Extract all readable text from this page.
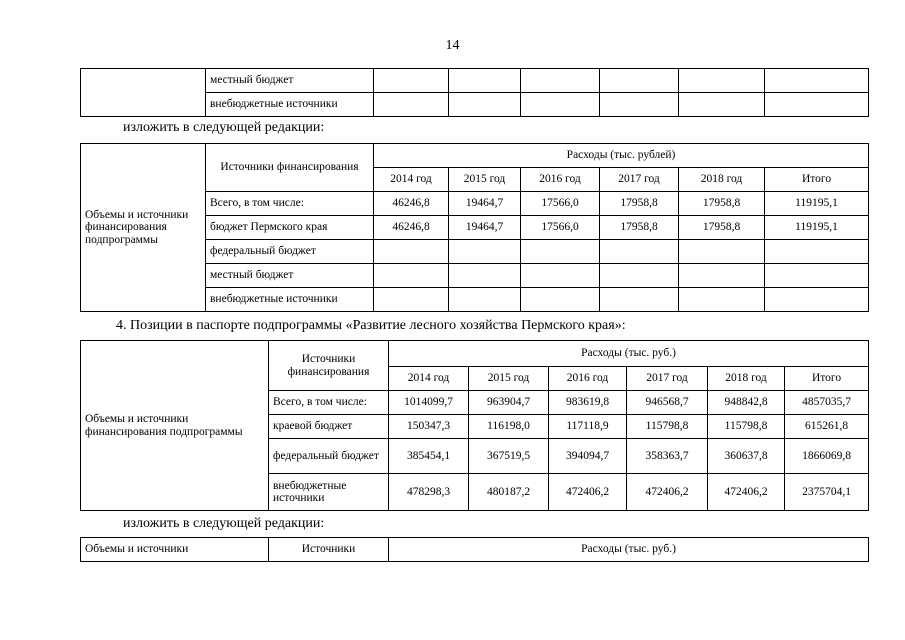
14
	местный бюджет						
	внебюджетные источники						
изложить в следующей редакции:
Объемы и источники финансирования подпрограммы	Источники финансирования	Расходы (тыс. рублей)					
		2014 год	2015 год	2016 год	2017 год	2018 год	Итого
	Всего, в том числе:	46246,8	19464,7	17566,0	17958,8	17958,8	119195,1
	бюджет Пермского края	46246,8	19464,7	17566,0	17958,8	17958,8	119195,1
	федеральный бюджет						
	местный бюджет						
	внебюджетные источники						
4. Позиции в паспорте подпрограммы «Развитие лесного хозяйства Пермского края»:
Объемы и источники финансирования подпрограммы	Источники финансирования	Расходы (тыс. руб.)					
		2014 год	2015 год	2016 год	2017 год	2018 год	Итого
	Всего, в том числе:	1014099,7	963904,7	983619,8	946568,7	948842,8	4857035,7
	краевой бюджет	150347,3	116198,0	117118,9	115798,8	115798,8	615261,8
	федеральный бюджет	385454,1	367519,5	394094,7	358363,7	360637,8	1866069,8
	внебюджетные источники	478298,3	480187,2	472406,2	472406,2	472406,2	2375704,1
изложить в следующей редакции:
Объемы и источники	Источники	Расходы (тыс. руб.)
